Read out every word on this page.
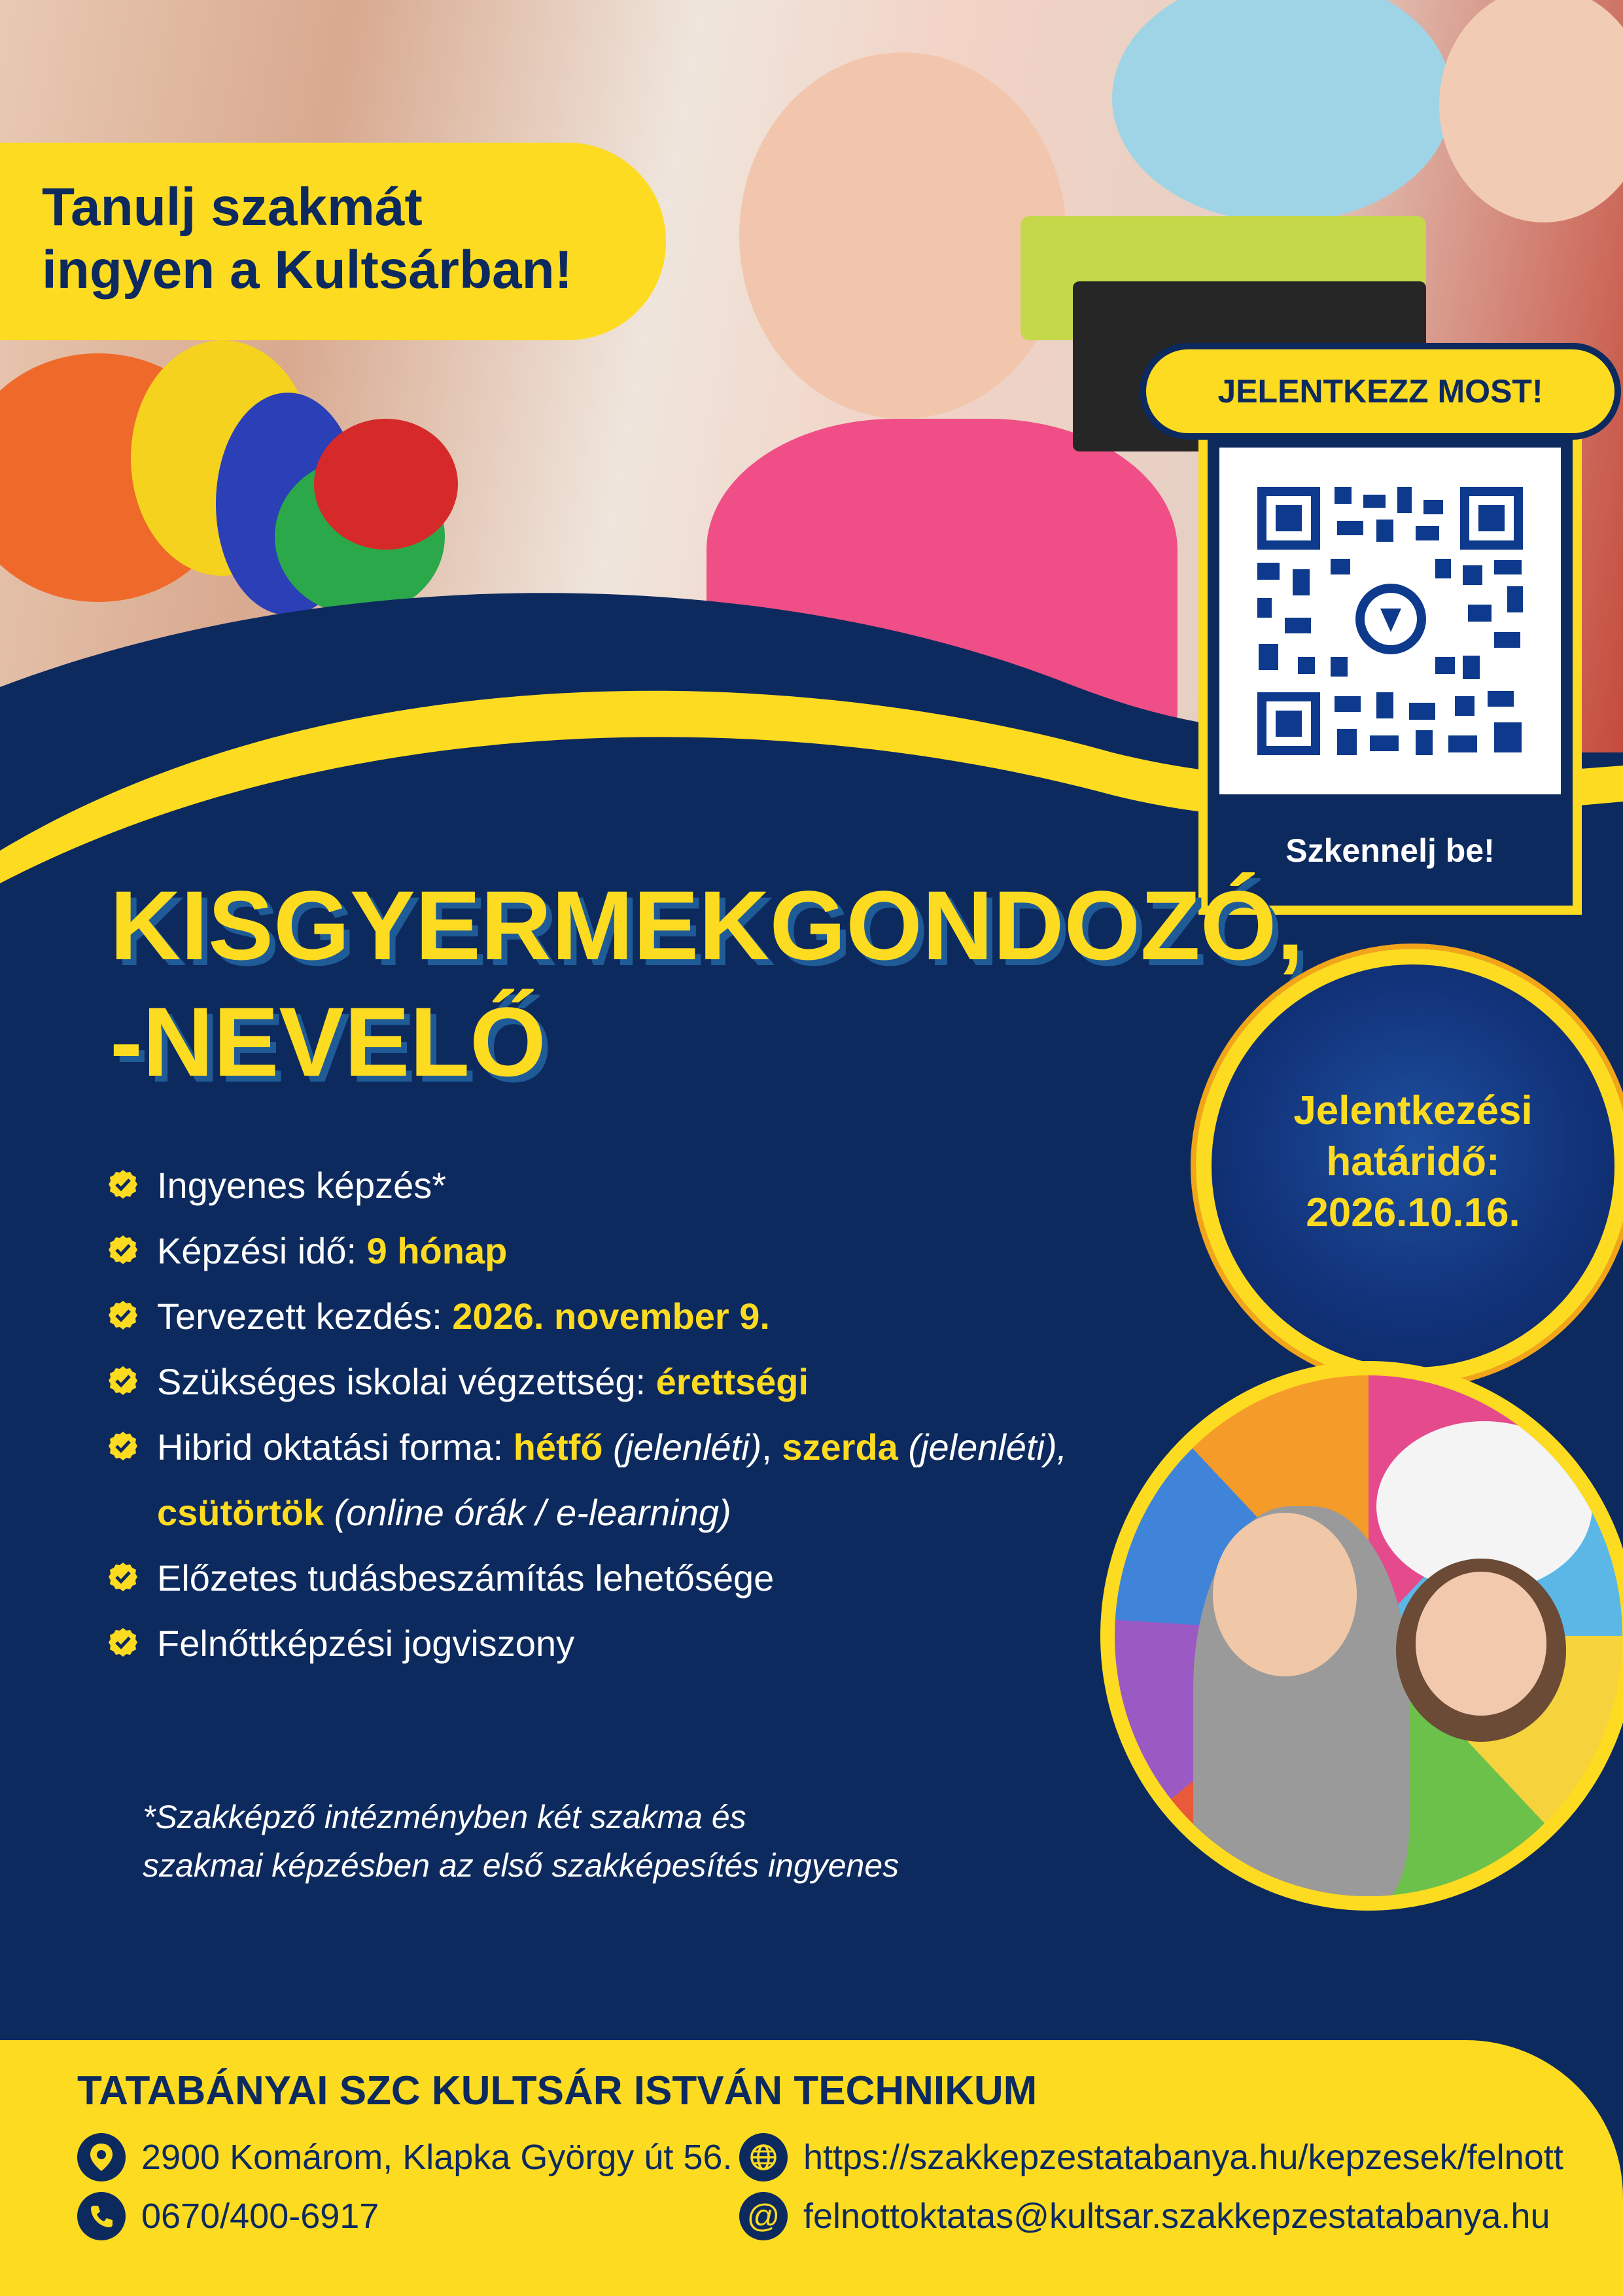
Tanulj szakmát
ingyen a Kultsárban!
Szkennelj be!
JELENTKEZZ MOST!
KISGYERMEKGONDOZÓ,
-NEVELŐ
Jelentkezési
határidő:
2026.10.16.
Ingyenes képzés*
Képzési idő: 9 hónap
Tervezett kezdés: 2026. november 9.
Szükséges iskolai végzettség: érettségi
Hibrid oktatási forma: hétfő (jelenléti), szerda (jelenléti),
csütörtök (online órák / e-learning)
Előzetes tudásbeszámítás lehetősége
Felnőttképzési jogviszony
*Szakképző intézményben két szakma és
szakmai képzésben az első szakképesítés ingyenes
TATABÁNYAI SZC KULTSÁR ISTVÁN TECHNIKUM
2900 Komárom, Klapka György út 56.
0670/400-6917
https://szakkepzestatabanya.hu/kepzesek/felnott
@ felnottoktatas@kultsar.szakkepzestatabanya.hu
